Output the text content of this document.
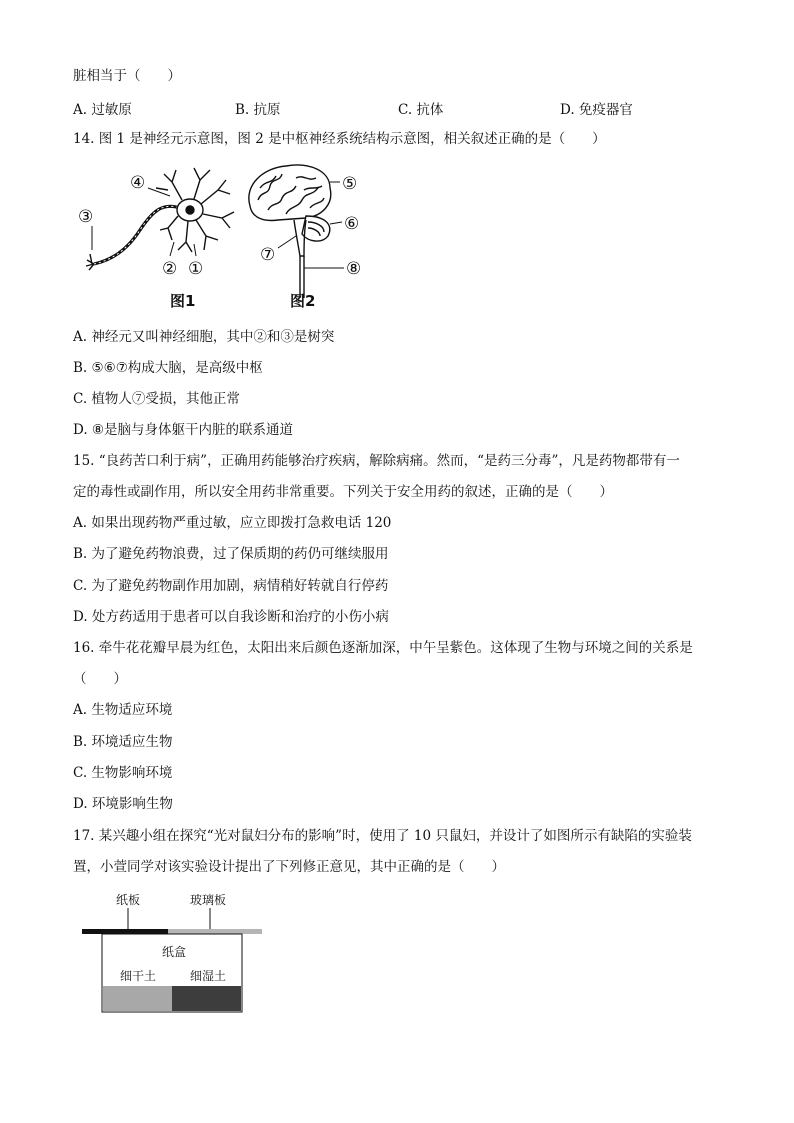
脏相当于（　　）
A. 过敏原	B. 抗原	C. 抗体	D. 免疫器官
14. 图 1 是神经元示意图，图 2 是中枢神经系统结构示意图，相关叙述正确的是（　　）
④
③
② ①
⑤
⑥
⑦
⑧
图1	图2
A. 神经元又叫神经细胞，其中②和③是树突
B. ⑤⑥⑦构成大脑，是高级中枢
C. 植物人⑦受损，其他正常
D. ⑧是脑与身体躯干内脏的联系通道
15. “良药苦口利于病”，正确用药能够治疗疾病，解除病痛。然而，“是药三分毒”，凡是药物都带有一
定的毒性或副作用，所以安全用药非常重要。下列关于安全用药的叙述，正确的是（　　）
A. 如果出现药物严重过敏，应立即拨打急救电话 120
B. 为了避免药物浪费，过了保质期的药仍可继续服用
C. 为了避免药物副作用加剧，病情稍好转就自行停药
D. 处方药适用于患者可以自我诊断和治疗的小伤小病
16. 牵牛花花瓣早晨为红色，太阳出来后颜色逐渐加深，中午呈紫色。这体现了生物与环境之间的关系是
（　　）
A. 生物适应环境
B. 环境适应生物
C. 生物影响环境
D. 环境影响生物
17. 某兴趣小组在探究“光对鼠妇分布的影响”时，使用了 10 只鼠妇，并设计了如图所示有缺陷的实验装
置，小萱同学对该实验设计提出了下列修正意见，其中正确的是（　　）
纸板	玻璃板
纸盒
细干土	细湿土
